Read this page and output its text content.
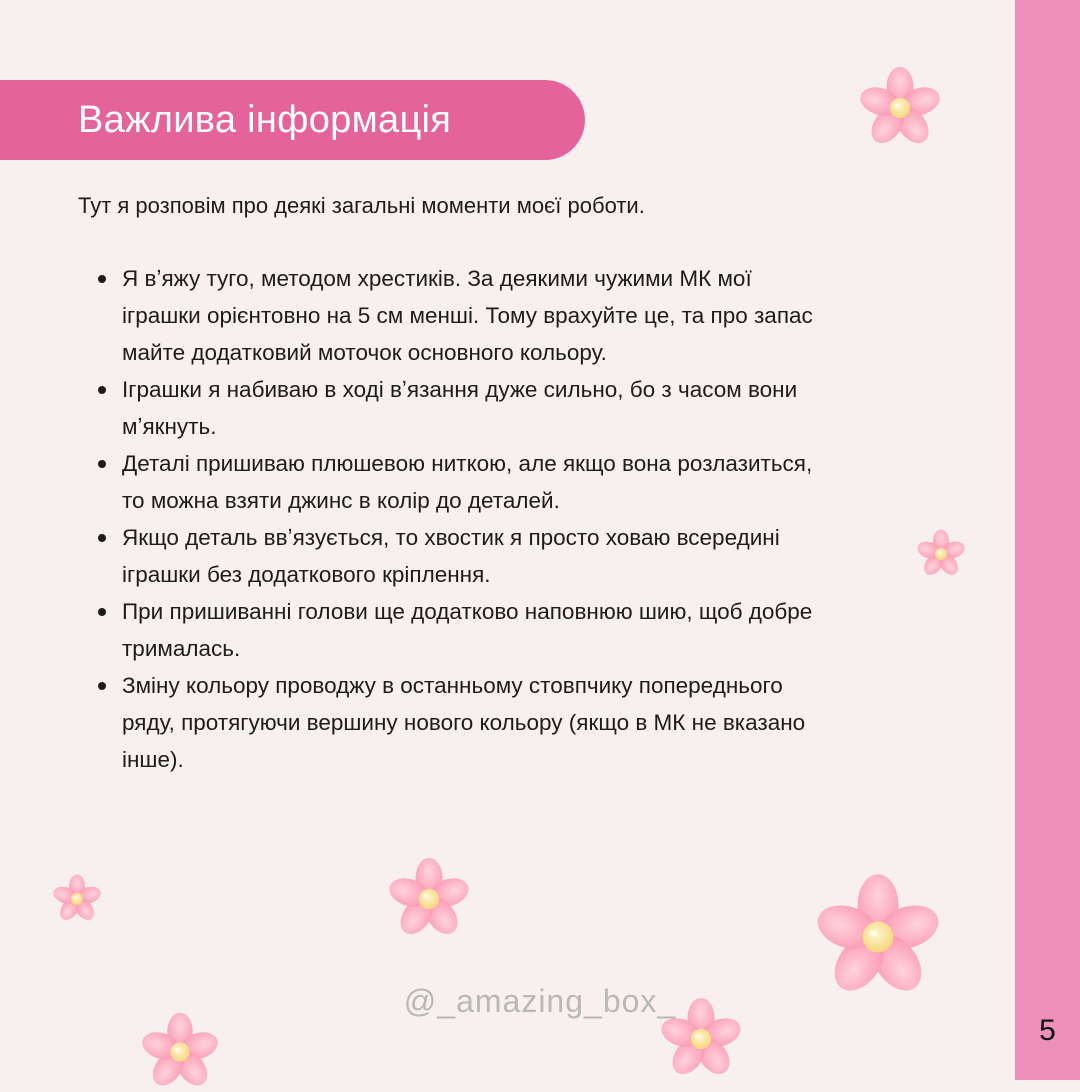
5
Важлива інформація
Тут я розповім про деякі загальні моменти моєї роботи.
Я вʼяжу туго, методом хрестиків. За деякими чужими МК мої іграшки орієнтовно на 5 см менші. Тому врахуйте це, та про запас майте додатковий моточок основного кольору.
Іграшки я набиваю в ході вʼязання дуже сильно, бо з часом вони мʼякнуть.
Деталі пришиваю плюшевою ниткою, але якщо вона розлазиться, то можна взяти джинс в колір до деталей.
Якщо деталь ввʼязується, то хвостик я просто ховаю всередині іграшки без додаткового кріплення.
При пришиванні голови ще додатково наповнюю шию, щоб добре трималась.
Зміну кольору проводжу в останньому стовпчику попереднього ряду, протягуючи вершину нового кольору (якщо в МК не вказано інше).
@_amazing_box_
